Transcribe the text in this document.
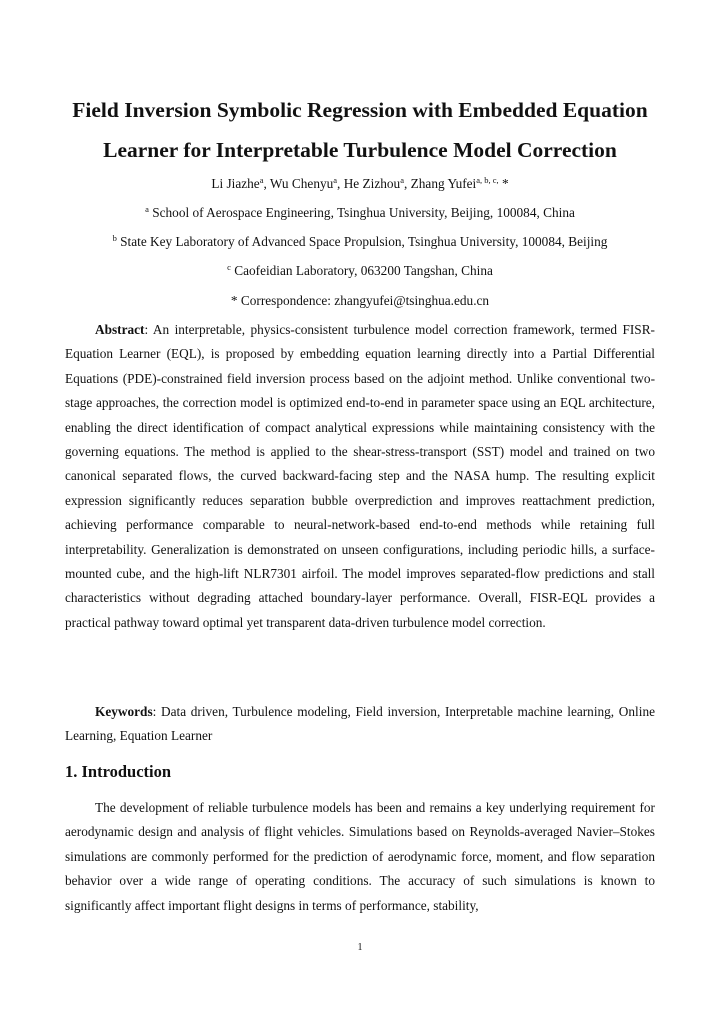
Field Inversion Symbolic Regression with Embedded Equation
Learner for Interpretable Turbulence Model Correction
Li Jiazhe$^a$, Wu Chenyu$^a$, He Zizhou$^a$, Zhang Yufei$^{a, b, c,}$ *
$^a$ School of Aerospace Engineering, Tsinghua University, Beijing, 100084, China
$^b$ State Key Laboratory of Advanced Space Propulsion, Tsinghua University, 100084, Beijing
$^c$ Caofeidian Laboratory, 063200 Tangshan, China
* Correspondence: zhangyufei@tsinghua.edu.cn
Abstract: An interpretable, physics-consistent turbulence model correction framework, termed FISR-Equation Learner (EQL), is proposed by embedding equation learning directly into a Partial Differential Equations (PDE)-constrained field inversion process based on the adjoint method. Unlike conventional two-stage approaches, the correction model is optimized end-to-end in parameter space using an EQL architecture, enabling the direct identification of compact analytical expressions while maintaining consistency with the governing equations. The method is applied to the shear-stress-transport (SST) model and trained on two canonical separated flows, the curved backward-facing step and the NASA hump. The resulting explicit expression significantly reduces separation bubble overprediction and improves reattachment prediction, achieving performance comparable to neural-network-based end-to-end methods while retaining full interpretability. Generalization is demonstrated on unseen configurations, including periodic hills, a surface-mounted cube, and the high-lift NLR7301 airfoil. The model improves separated-flow predictions and stall characteristics without degrading attached boundary-layer performance. Overall, FISR-EQL provides a practical pathway toward optimal yet transparent data-driven turbulence model correction.
Keywords: Data driven, Turbulence modeling, Field inversion, Interpretable machine learning, Online Learning, Equation Learner
1. Introduction
The development of reliable turbulence models has been and remains a key underlying requirement for aerodynamic design and analysis of flight vehicles. Simulations based on Reynolds-averaged Navier–Stokes simulations are commonly performed for the prediction of aerodynamic force, moment, and flow separation behavior over a wide range of operating conditions. The accuracy of such simulations is known to significantly affect important flight designs in terms of performance, stability,
1
